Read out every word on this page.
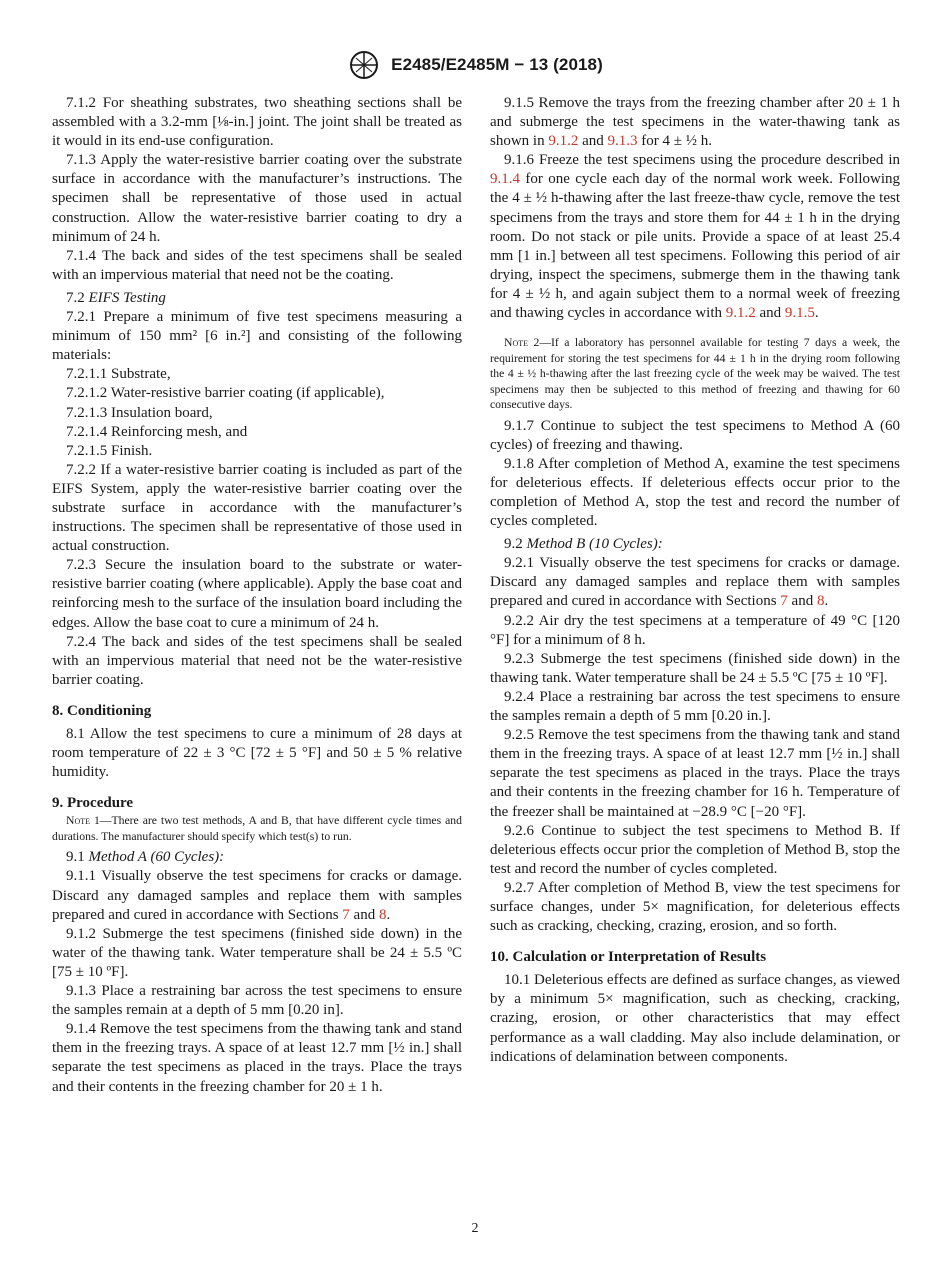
E2485/E2485M − 13 (2018)

7.1.2 For sheathing substrates, two sheathing sections shall be assembled with a 3.2-mm [⅛-in.] joint. The joint shall be treated as it would in its end-use configuration.

7.1.3 Apply the water-resistive barrier coating over the substrate surface in accordance with the manufacturer’s instructions. The specimen shall be representative of those used in actual construction. Allow the water-resistive barrier coating to dry a minimum of 24 h.

7.1.4 The back and sides of the test specimens shall be sealed with an impervious material that need not be the coating.

7.2 EIFS Testing

7.2.1 Prepare a minimum of five test specimens measuring a minimum of 150 mm² [6 in.²] and consisting of the following materials:

7.2.1.1 Substrate,

7.2.1.2 Water-resistive barrier coating (if applicable),

7.2.1.3 Insulation board,

7.2.1.4 Reinforcing mesh, and

7.2.1.5 Finish.

7.2.2 If a water-resistive barrier coating is included as part of the EIFS System, apply the water-resistive barrier coating over the substrate surface in accordance with the manufacturer’s instructions. The specimen shall be representative of those used in actual construction.

7.2.3 Secure the insulation board to the substrate or water-resistive barrier coating (where applicable). Apply the base coat and reinforcing mesh to the surface of the insulation board including the edges. Allow the base coat to cure a minimum of 24 h.

7.2.4 The back and sides of the test specimens shall be sealed with an impervious material that need not be the water-resistive barrier coating.

8. Conditioning

8.1 Allow the test specimens to cure a minimum of 28 days at room temperature of 22 ± 3 °C [72 ± 5 °F] and 50 ± 5 % relative humidity.

9. Procedure

Note 1—There are two test methods, A and B, that have different cycle times and durations. The manufacturer should specify which test(s) to run.

9.1 Method A (60 Cycles):

9.1.1 Visually observe the test specimens for cracks or damage. Discard any damaged samples and replace them with samples prepared and cured in accordance with Sections 7 and 8.

9.1.2 Submerge the test specimens (finished side down) in the water of the thawing tank. Water temperature shall be 24 ± 5.5 ºC [75 ± 10 ºF].

9.1.3 Place a restraining bar across the test specimens to ensure the samples remain at a depth of 5 mm [0.20 in].

9.1.4 Remove the test specimens from the thawing tank and stand them in the freezing trays. A space of at least 12.7 mm [½ in.] shall separate the test specimens as placed in the trays. Place the trays and their contents in the freezing chamber for 20 ± 1 h.

9.1.5 Remove the trays from the freezing chamber after 20 ± 1 h and submerge the test specimens in the water-thawing tank as shown in 9.1.2 and 9.1.3 for 4 ± ½ h.

9.1.6 Freeze the test specimens using the procedure described in 9.1.4 for one cycle each day of the normal work week. Following the 4 ± ½ h-thawing after the last freeze-thaw cycle, remove the test specimens from the trays and store them for 44 ± 1 h in the drying room. Do not stack or pile units. Provide a space of at least 25.4 mm [1 in.] between all test specimens. Following this period of air drying, inspect the specimens, submerge them in the thawing tank for 4 ± ½ h, and again subject them to a normal week of freezing and thawing cycles in accordance with 9.1.2 and 9.1.5.

Note 2—If a laboratory has personnel available for testing 7 days a week, the requirement for storing the test specimens for 44 ± 1 h in the drying room following the 4 ± ½ h-thawing after the last freezing cycle of the week may be waived. The test specimens may then be subjected to this method of freezing and thawing for 60 consecutive days.

9.1.7 Continue to subject the test specimens to Method A (60 cycles) of freezing and thawing.

9.1.8 After completion of Method A, examine the test specimens for deleterious effects. If deleterious effects occur prior to the completion of Method A, stop the test and record the number of cycles completed.

9.2 Method B (10 Cycles):

9.2.1 Visually observe the test specimens for cracks or damage. Discard any damaged samples and replace them with samples prepared and cured in accordance with Sections 7 and 8.

9.2.2 Air dry the test specimens at a temperature of 49 °C [120 °F] for a minimum of 8 h.

9.2.3 Submerge the test specimens (finished side down) in the thawing tank. Water temperature shall be 24 ± 5.5 ºC [75 ± 10 ºF].

9.2.4 Place a restraining bar across the test specimens to ensure the samples remain a depth of 5 mm [0.20 in.].

9.2.5 Remove the test specimens from the thawing tank and stand them in the freezing trays. A space of at least 12.7 mm [½ in.] shall separate the test specimens as placed in the trays. Place the trays and their contents in the freezing chamber for 16 h. Temperature of the freezer shall be maintained at −28.9 °C [−20 °F].

9.2.6 Continue to subject the test specimens to Method B. If deleterious effects occur prior the completion of Method B, stop the test and record the number of cycles completed.

9.2.7 After completion of Method B, view the test specimens for surface changes, under 5× magnification, for deleterious effects such as cracking, checking, crazing, erosion, and so forth.

10. Calculation or Interpretation of Results

10.1 Deleterious effects are defined as surface changes, as viewed by a minimum 5× magnification, such as checking, cracking, crazing, erosion, or other characteristics that may effect performance as a wall cladding. May also include delamination, or indications of delamination between components.

2
